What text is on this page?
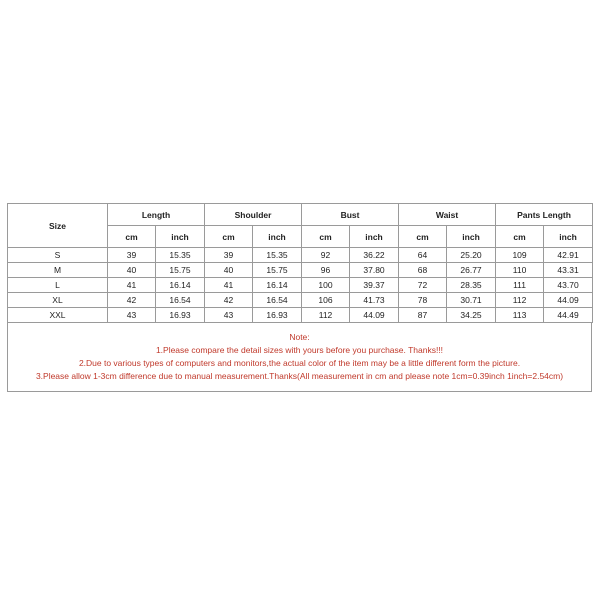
Size	Length		Shoulder		Bust		Waist		Pants Length	
	cm	inch	cm	inch	cm	inch	cm	inch	cm	inch
S	39	15.35	39	15.35	92	36.22	64	25.20	109	42.91
M	40	15.75	40	15.75	96	37.80	68	26.77	110	43.31
L	41	16.14	41	16.14	100	39.37	72	28.35	111	43.70
XL	42	16.54	42	16.54	106	41.73	78	30.71	112	44.09
XXL	43	16.93	43	16.93	112	44.09	87	34.25	113	44.49
Note:
1.Please compare the detail sizes with yours before you purchase. Thanks!!!
2.Due to various types of computers and monitors,the actual color of the item may be a little different form the picture.
3.Please allow 1-3cm difference due to manual measurement.Thanks(All measurement in cm and please note 1cm=0.39inch 1inch=2.54cm)
